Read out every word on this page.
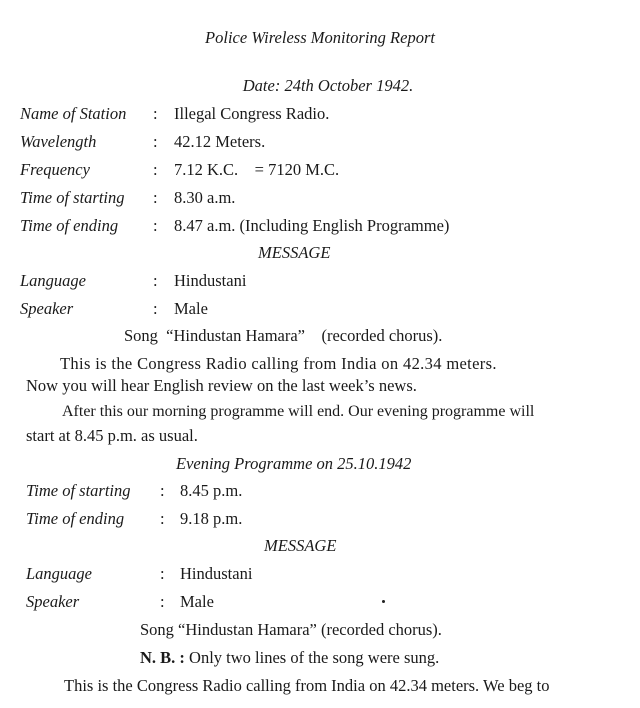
Police Wireless Monitoring Report
Date: 24th October 1942.
Name of Station : Illegal Congress Radio.
Wavelength	: 42.12 Meters.
Frequency	: 7.12 K.C.    = 7120 M.C.
Time of starting : 8.30 a.m.
Time of ending : 8.47 a.m. (Including English Programme)
MESSAGE
Language	: Hindustani
Speaker	: Male
Song  “Hindustan Hamara”    (recorded chorus).
This is the Congress Radio calling from India on 42.34 meters.
Now you will hear English review on the last week’s news.
After this our morning programme will end. Our evening programme will
start at 8.45 p.m. as usual.
Evening Programme on 25.10.1942
Time of starting : 8.45 p.m.
Time of ending : 9.18 p.m.
MESSAGE
Language	: Hindustani
Speaker	: Male
Song “Hindustan Hamara” (recorded chorus).
N. B. : Only two lines of the song were sung.
This is the Congress Radio calling from India on 42.34 meters. We beg to
